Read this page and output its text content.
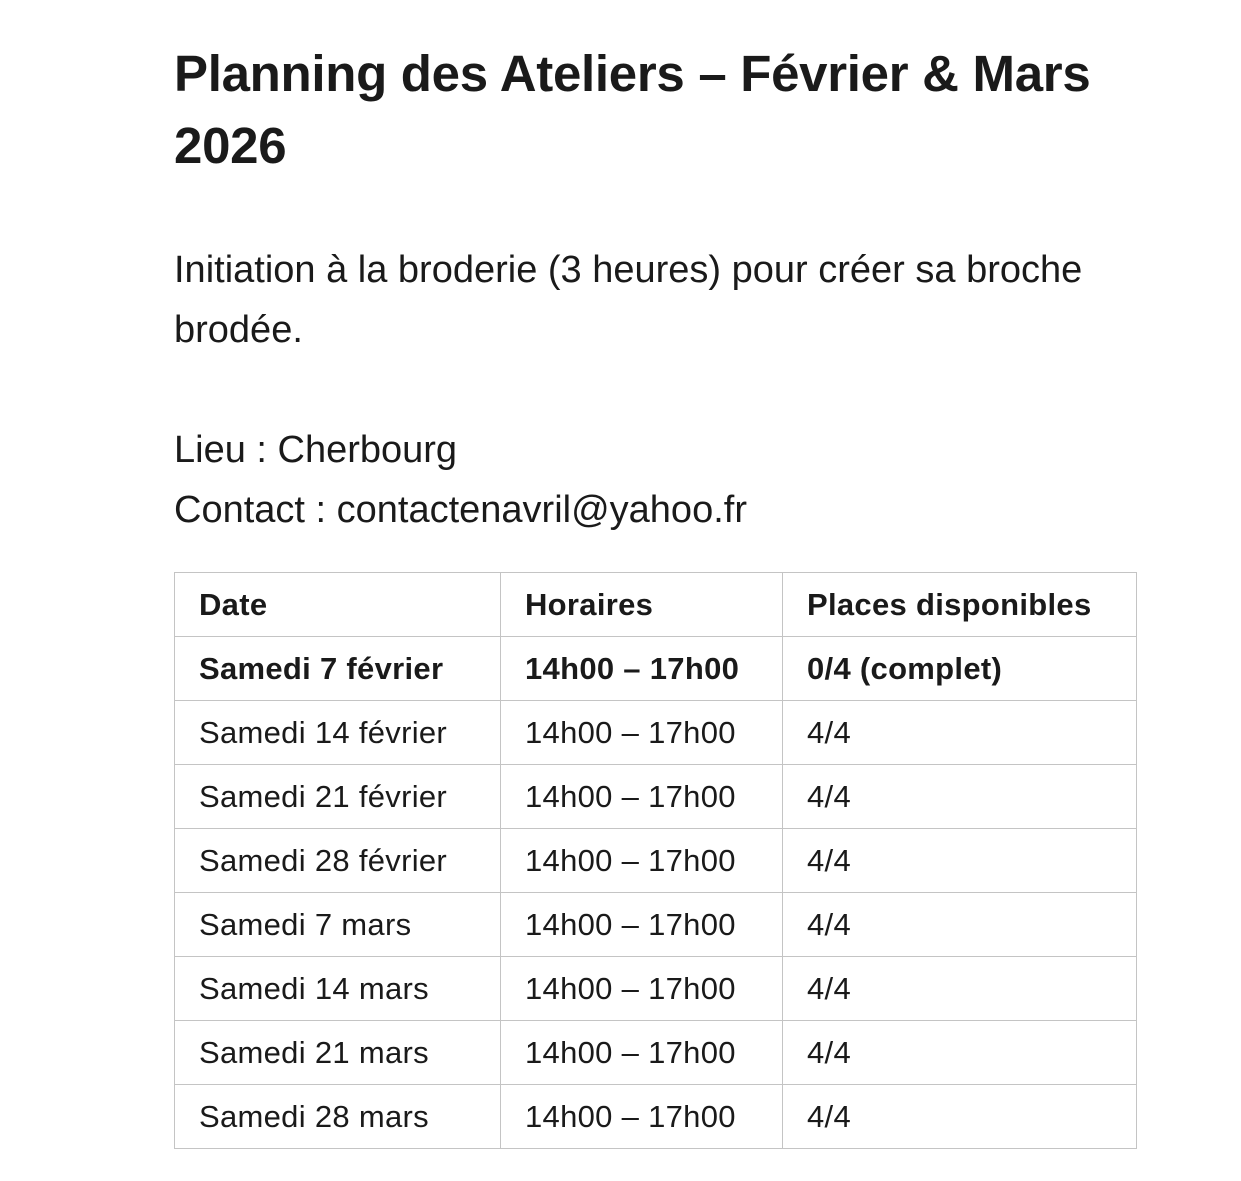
Planning des Ateliers – Février & Mars 2026

Initiation à la broderie (3 heures) pour créer sa broche brodée.

Lieu : Cherbourg

Contact : contactenavril@yahoo.fr

Date	Horaires	Places disponibles
Samedi 7 février	14h00 – 17h00	0/4 (complet)
Samedi 14 février	14h00 – 17h00	4/4
Samedi 21 février	14h00 – 17h00	4/4
Samedi 28 février	14h00 – 17h00	4/4
Samedi 7 mars	14h00 – 17h00	4/4
Samedi 14 mars	14h00 – 17h00	4/4
Samedi 21 mars	14h00 – 17h00	4/4
Samedi 28 mars	14h00 – 17h00	4/4
